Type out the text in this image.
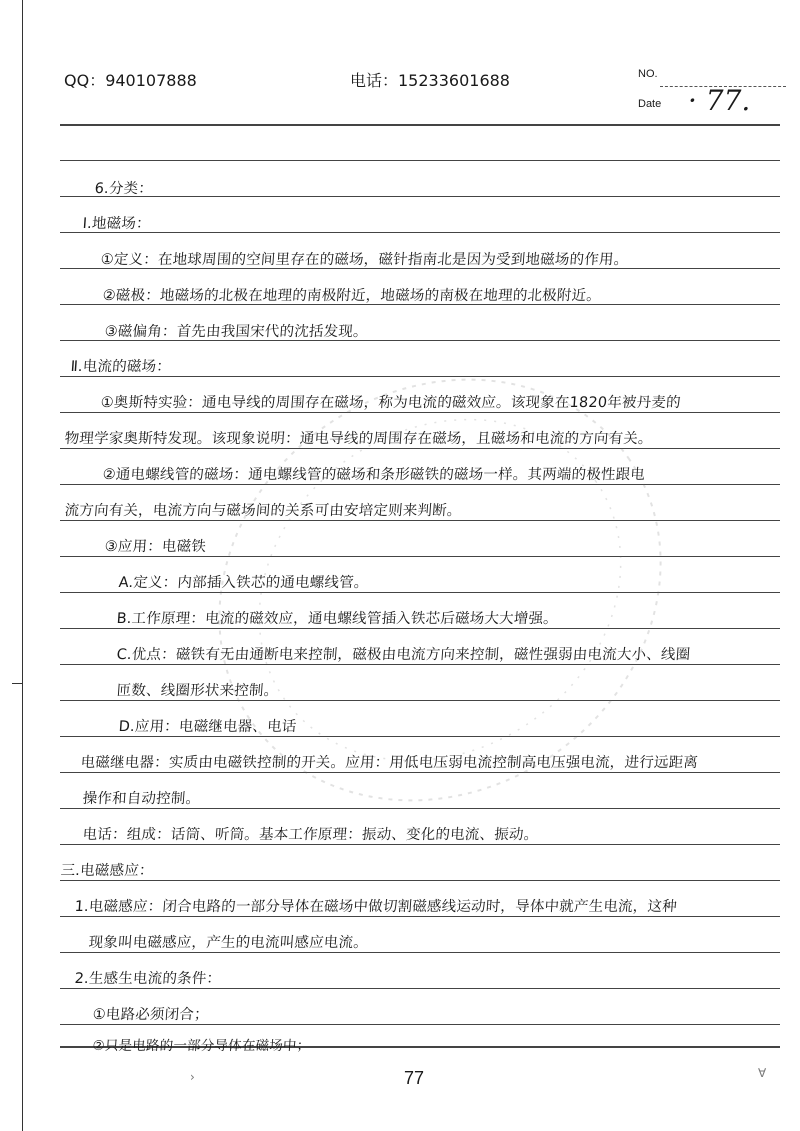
QQ：940107888	电话：15233601688	NO.
Date · 77.
6.分类：
Ⅰ.地磁场：
①定义：在地球周围的空间里存在的磁场，磁针指南北是因为受到地磁场的作用。
②磁极：地磁场的北极在地理的南极附近，地磁场的南极在地理的北极附近。
③磁偏角：首先由我国宋代的沈括发现。
Ⅱ.电流的磁场：
①奥斯特实验：通电导线的周围存在磁场，称为电流的磁效应。该现象在1820年被丹麦的
物理学家奥斯特发现。该现象说明：通电导线的周围存在磁场，且磁场和电流的方向有关。
②通电螺线管的磁场：通电螺线管的磁场和条形磁铁的磁场一样。其两端的极性跟电
流方向有关，电流方向与磁场间的关系可由安培定则来判断。
③应用：电磁铁
A.定义：内部插入铁芯的通电螺线管。
B.工作原理：电流的磁效应，通电螺线管插入铁芯后磁场大大增强。
C.优点：磁铁有无由通断电来控制，磁极由电流方向来控制，磁性强弱由电流大小、线圈
匝数、线圈形状来控制。
D.应用：电磁继电器、电话
电磁继电器：实质由电磁铁控制的开关。应用：用低电压弱电流控制高电压强电流，进行远距离
操作和自动控制。
电话：组成：话筒、听筒。基本工作原理：振动、变化的电流、振动。
三.电磁感应：
1.电磁感应：闭合电路的一部分导体在磁场中做切割磁感线运动时，导体中就产生电流，这种
现象叫电磁感应，产生的电流叫感应电流。
2.生感生电流的条件：
①电路必须闭合；
②只是电路的一部分导体在磁场中；
›	∀
77
